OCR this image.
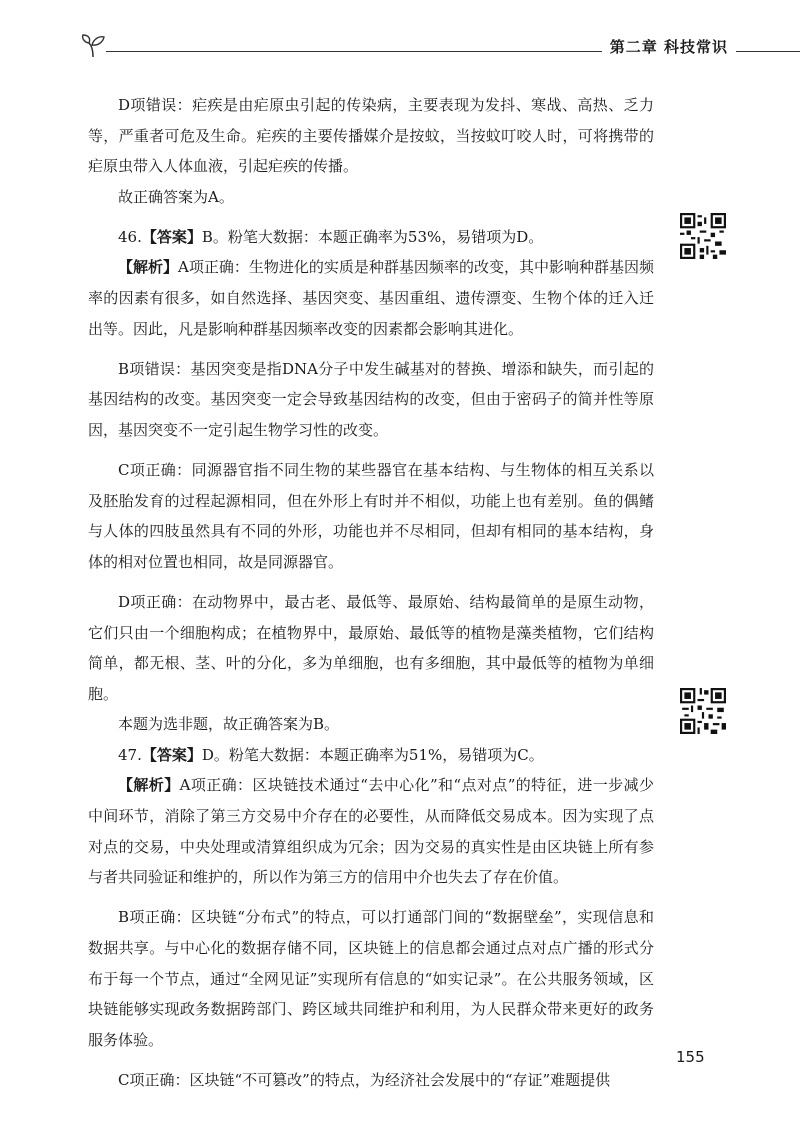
第二章 科技常识

D项错误：疟疾是由疟原虫引起的传染病，主要表现为发抖、寒战、高热、乏力等，严重者可危及生命。疟疾的主要传播媒介是按蚊，当按蚊叮咬人时，可将携带的疟原虫带入人体血液，引起疟疾的传播。

故正确答案为A。

46.【答案】B。粉笔大数据：本题正确率为53%，易错项为D。

【解析】A项正确：生物进化的实质是种群基因频率的改变，其中影响种群基因频率的因素有很多，如自然选择、基因突变、基因重组、遗传漂变、生物个体的迁入迁出等。因此，凡是影响种群基因频率改变的因素都会影响其进化。

B项错误：基因突变是指DNA分子中发生碱基对的替换、增添和缺失，而引起的基因结构的改变。基因突变一定会导致基因结构的改变，但由于密码子的简并性等原因，基因突变不一定引起生物学习性的改变。

C项正确：同源器官指不同生物的某些器官在基本结构、与生物体的相互关系以及胚胎发育的过程起源相同，但在外形上有时并不相似，功能上也有差别。鱼的偶鳍与人体的四肢虽然具有不同的外形，功能也并不尽相同，但却有相同的基本结构，身体的相对位置也相同，故是同源器官。

D项正确：在动物界中，最古老、最低等、最原始、结构最简单的是原生动物，它们只由一个细胞构成；在植物界中，最原始、最低等的植物是藻类植物，它们结构简单，都无根、茎、叶的分化，多为单细胞，也有多细胞，其中最低等的植物为单细胞。

本题为选非题，故正确答案为B。

47.【答案】D。粉笔大数据：本题正确率为51%，易错项为C。

【解析】A项正确：区块链技术通过“去中心化”和“点对点”的特征，进一步减少中间环节，消除了第三方交易中介存在的必要性，从而降低交易成本。因为实现了点对点的交易，中央处理或清算组织成为冗余；因为交易的真实性是由区块链上所有参与者共同验证和维护的，所以作为第三方的信用中介也失去了存在价值。

B项正确：区块链“分布式”的特点，可以打通部门间的“数据壁垒”，实现信息和数据共享。与中心化的数据存储不同，区块链上的信息都会通过点对点广播的形式分布于每一个节点，通过“全网见证”实现所有信息的“如实记录”。在公共服务领域，区块链能够实现政务数据跨部门、跨区域共同维护和利用，为人民群众带来更好的政务服务体验。

C项正确：区块链“不可篡改”的特点，为经济社会发展中的“存证”难题提供

155
